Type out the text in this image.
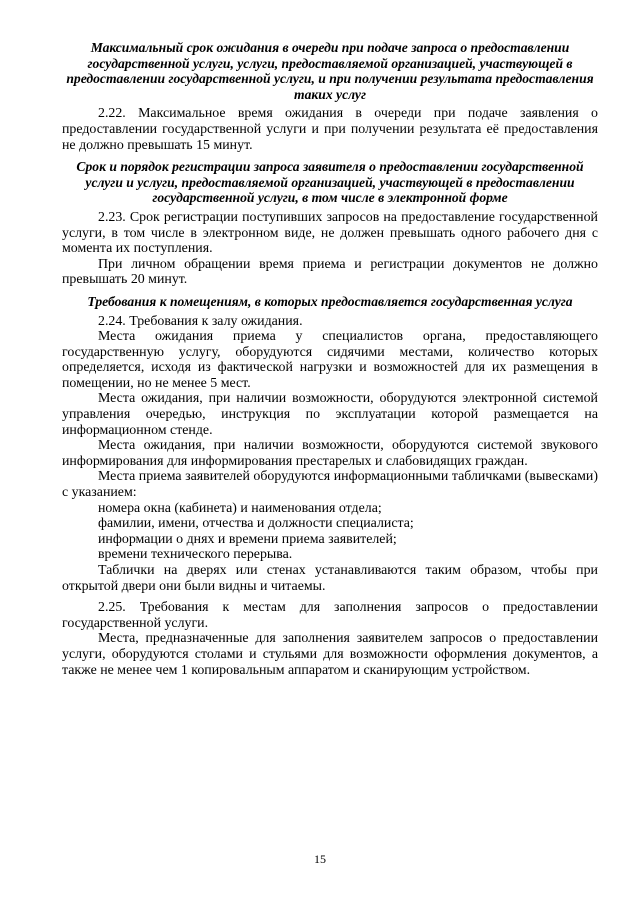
Максимальный срок ожидания в очереди при подаче запроса о предоставлении государственной услуги, услуги, предоставляемой организацией, участвующей в предоставлении государственной услуги, и при получении результата предоставления таких услуг

2.22. Максимальное время ожидания в очереди при подаче заявления о предоставлении государственной услуги и при получении результата её предоставления не должно превышать 15 минут.

Срок и порядок регистрации запроса заявителя о предоставлении государственной услуги и услуги, предоставляемой организацией, участвующей в предоставлении государственной услуги, в том числе в электронной форме

2.23. Срок регистрации поступивших запросов на предоставление государственной услуги, в том числе в электронном виде, не должен превышать одного рабочего дня с момента их поступления.

При личном обращении время приема и регистрации документов не должно превышать 20 минут.

Требования к помещениям, в которых предоставляется государственная услуга

2.24. Требования к залу ожидания.

Места ожидания приема у специалистов органа, предоставляющего государственную услугу, оборудуются сидячими местами, количество которых определяется, исходя из фактической нагрузки и возможностей для их размещения в помещении, но не менее 5 мест.

Места ожидания, при наличии возможности, оборудуются электронной системой управления очередью, инструкция по эксплуатации которой размещается на информационном стенде.

Места ожидания, при наличии возможности, оборудуются системой звукового информирования для информирования престарелых и слабовидящих граждан.

Места приема заявителей оборудуются информационными табличками (вывесками) с указанием:

номера окна (кабинета) и наименования отдела;

фамилии, имени, отчества и должности специалиста;

информации о днях и времени приема заявителей;

времени технического перерыва.

Таблички на дверях или стенах устанавливаются таким образом, чтобы при открытой двери они были видны и читаемы.

2.25. Требования к местам для заполнения запросов о предоставлении государственной услуги.

Места, предназначенные для заполнения заявителем запросов о предоставлении услуги, оборудуются столами и стульями для возможности оформления документов, а также не менее чем 1 копировальным аппаратом и сканирующим устройством.

15
